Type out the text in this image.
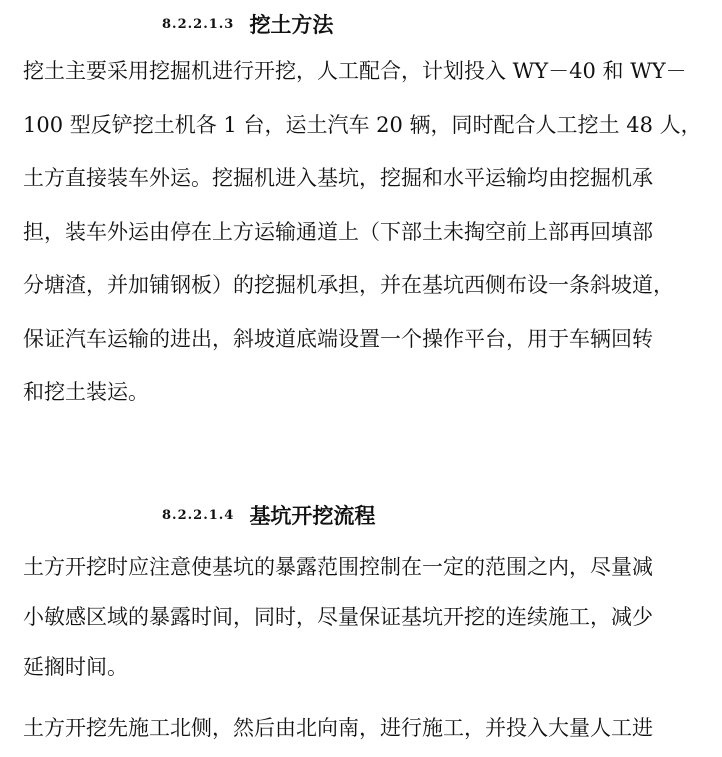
8.2.2.1.3 挖土方法
挖土主要采用挖掘机进行开挖，人工配合，计划投入 WY－40 和 WY－
100 型反铲挖土机各 1 台，运土汽车 20 辆，同时配合人工挖土 48 人，
土方直接装车外运。挖掘机进入基坑，挖掘和水平运输均由挖掘机承
担，装车外运由停在上方运输通道上（下部土未掏空前上部再回填部
分塘渣，并加铺钢板）的挖掘机承担，并在基坑西侧布设一条斜坡道，
保证汽车运输的进出，斜坡道底端设置一个操作平台，用于车辆回转
和挖土装运。
8.2.2.1.4 基坑开挖流程
土方开挖时应注意使基坑的暴露范围控制在一定的范围之内，尽量减
小敏感区域的暴露时间，同时，尽量保证基坑开挖的连续施工，减少
延搁时间。
土方开挖先施工北侧，然后由北向南，进行施工，并投入大量人工进
